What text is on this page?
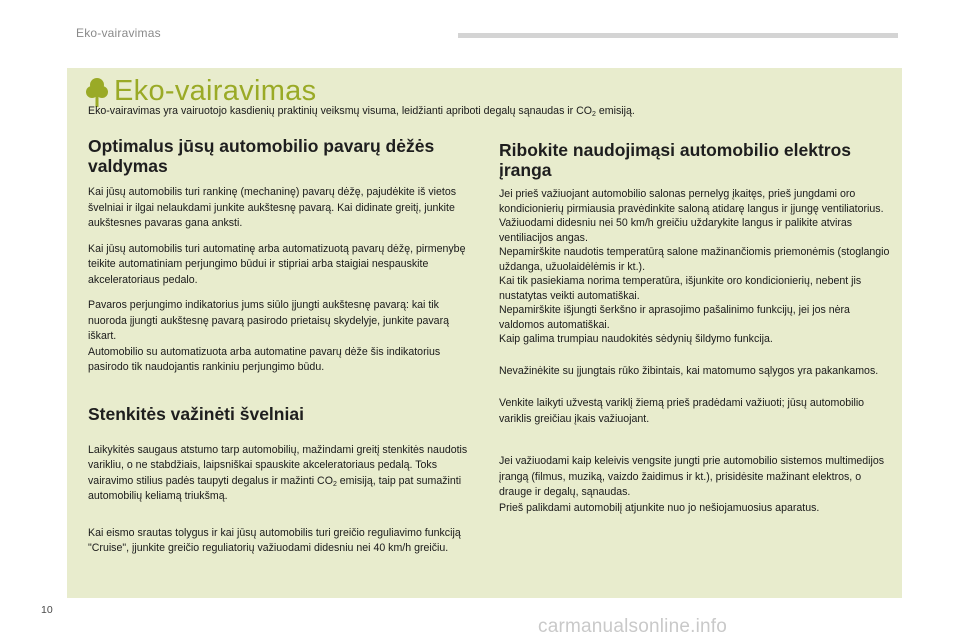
Eko-vairavimas
Eko-vairavimas
Eko-vairavimas yra vairuotojo kasdienių praktinių veiksmų visuma, leidžianti apriboti degalų sąnaudas ir $CO_2$ emisiją.
Optimalus jūsų automobilio pavarų dėžės valdymas

Kai jūsų automobilis turi rankinę (mechaninę) pavarų dėžę, pajudėkite iš vietos švelniai ir ilgai nelaukdami junkite aukštesnę pavarą. Kai didinate greitį, junkite aukštesnes pavaras gana anksti.

Kai jūsų automobilis turi automatinę arba automatizuotą pavarų dėžę, pirmenybę teikite automatiniam perjungimo būdui ir stipriai arba staigiai nespauskite akceleratoriaus pedalo.

Pavaros perjungimo indikatorius jums siūlo įjungti aukštesnę pavarą: kai tik nuoroda įjungti aukštesnę pavarą pasirodo prietaisų skydelyje, junkite pavarą iškart.
Automobilio su automatizuota arba automatine pavarų dėže šis indikatorius pasirodo tik naudojantis rankiniu perjungimo būdu.

Stenkitės važinėti švelniai

Laikykitės saugaus atstumo tarp automobilių, mažindami greitį stenkitės naudotis varikliu, o ne stabdžiais, laipsniškai spauskite akceleratoriaus pedalą. Toks vairavimo stilius padės taupyti degalus ir mažinti $CO_2$ emisiją, taip pat sumažinti automobilių keliamą triukšmą.

Kai eismo srautas tolygus ir kai jūsų automobilis turi greičio reguliavimo funkciją "Cruise", įjunkite greičio reguliatorių važiuodami didesniu nei 40 km/h greičiu.

Ribokite naudojimąsi automobilio elektros įranga

Jei prieš važiuojant automobilio salonas pernelyg įkaitęs, prieš jungdami oro kondicionierių pirmiausia pravėdinkite saloną atidarę langus ir įjungę ventiliatorius.
Važiuodami didesniu nei 50 km/h greičiu uždarykite langus ir palikite atviras ventiliacijos angas.
Nepamirškite naudotis temperatūrą salone mažinančiomis priemonėmis (stoglangio uždanga, užuolaidėlėmis ir kt.).
Kai tik pasiekiama norima temperatūra, išjunkite oro kondicionierių, nebent jis nustatytas veikti automatiškai.
Nepamirškite išjungti šerkšno ir aprasojimo pašalinimo funkcijų, jei jos nėra valdomos automatiškai.
Kaip galima trumpiau naudokitės sėdynių šildymo funkcija.

Nevažinėkite su įjungtais rūko žibintais, kai matomumo sąlygos yra pakankamos.

Venkite laikyti užvestą variklį žiemą prieš pradėdami važiuoti; jūsų automobilio variklis greičiau įkais važiuojant.

Jei važiuodami kaip keleivis vengsite jungti prie automobilio sistemos multimedijos įrangą (filmus, muziką, vaizdo žaidimus ir kt.), prisidėsite mažinant elektros, o drauge ir degalų, sąnaudas.
Prieš palikdami automobilį atjunkite nuo jo nešiojamuosius aparatus.

10
carmanualsonline.info
